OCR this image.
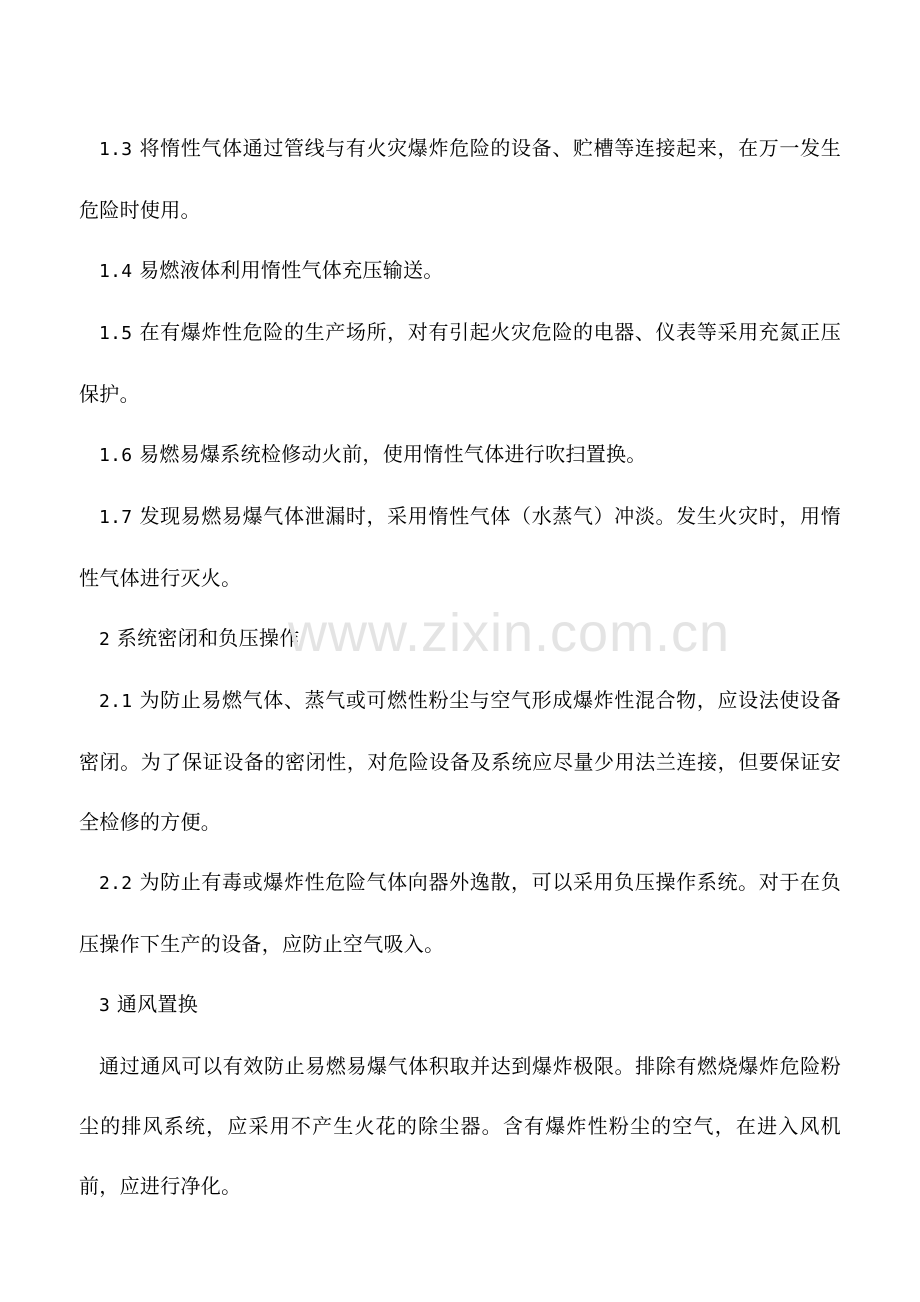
1.3 将惰性气体通过管线与有火灾爆炸危险的设备、贮槽等连接起来，在万一发生危险时使用。

1.4 易燃液体利用惰性气体充压输送。

1.5 在有爆炸性危险的生产场所，对有引起火灾危险的电器、仪表等采用充氮正压保护。

1.6 易燃易爆系统检修动火前，使用惰性气体进行吹扫置换。

1.7 发现易燃易爆气体泄漏时，采用惰性气体（水蒸气）冲淡。发生火灾时，用惰性气体进行灭火。

2 系统密闭和负压操作

2.1 为防止易燃气体、蒸气或可燃性粉尘与空气形成爆炸性混合物，应设法使设备密闭。为了保证设备的密闭性，对危险设备及系统应尽量少用法兰连接，但要保证安全检修的方便。

2.2 为防止有毒或爆炸性危险气体向器外逸散，可以采用负压操作系统。对于在负压操作下生产的设备，应防止空气吸入。

3 通风置换

通过通风可以有效防止易燃易爆气体积取并达到爆炸极限。排除有燃烧爆炸危险粉尘的排风系统，应采用不产生火花的除尘器。含有爆炸性粉尘的空气，在进入风机前，应进行净化。

www.zixin.com.cn
